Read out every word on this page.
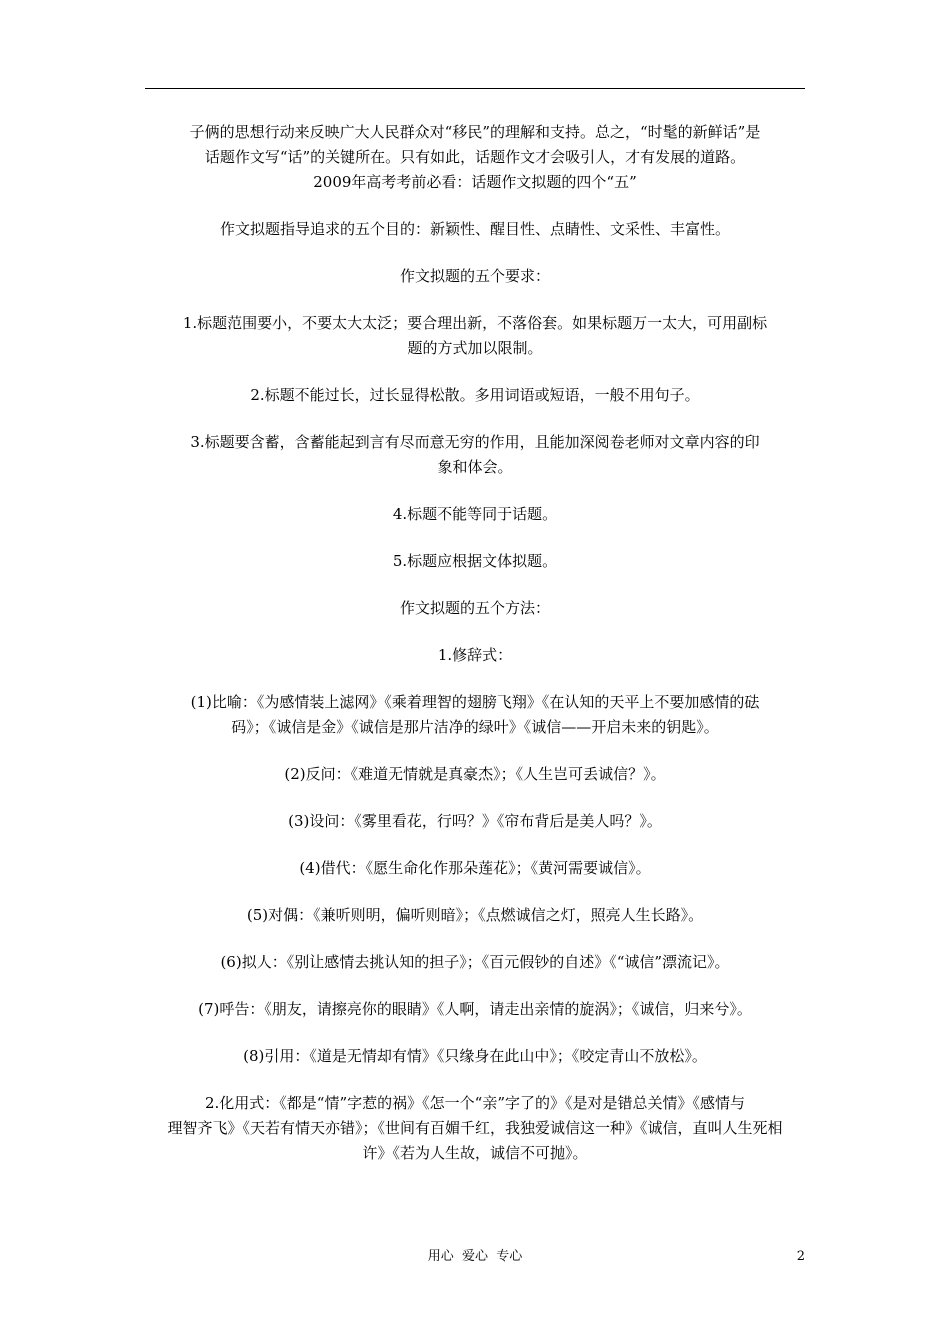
子俩的思想行动来反映广大人民群众对“移民”的理解和支持。总之，“时髦的新鲜话”是
话题作文写“话”的关键所在。只有如此，话题作文才会吸引人，才有发展的道路。
2009年高考考前必看：话题作文拟题的四个“五”
作文拟题指导追求的五个目的：新颖性、醒目性、点睛性、文采性、丰富性。
作文拟题的五个要求：
1.标题范围要小，不要太大太泛；要合理出新，不落俗套。如果标题万一太大，可用副标
题的方式加以限制。
2.标题不能过长，过长显得松散。多用词语或短语，一般不用句子。
3.标题要含蓄，含蓄能起到言有尽而意无穷的作用，且能加深阅卷老师对文章内容的印
象和体会。
4.标题不能等同于话题。
5.标题应根据文体拟题。
作文拟题的五个方法：
1.修辞式：
(1)比喻：《为感情装上滤网》《乘着理智的翅膀飞翔》《在认知的天平上不要加感情的砝
码》；《诚信是金》《诚信是那片洁净的绿叶》《诚信——开启未来的钥匙》。
(2)反问：《难道无情就是真豪杰》；《人生岂可丢诚信？》。
(3)设问：《雾里看花，行吗？》《帘布背后是美人吗？》。
(4)借代：《愿生命化作那朵莲花》；《黄河需要诚信》。
(5)对偶：《兼听则明，偏听则暗》；《点燃诚信之灯，照亮人生长路》。
(6)拟人：《别让感情去挑认知的担子》；《百元假钞的自述》《“诚信”漂流记》。
(7)呼告：《朋友，请擦亮你的眼睛》《人啊，请走出亲情的旋涡》；《诚信，归来兮》。
(8)引用：《道是无情却有情》《只缘身在此山中》；《咬定青山不放松》。
2.化用式：《都是“情”字惹的祸》《怎一个“亲”字了的》《是对是错总关情》《感情与
理智齐飞》《天若有情天亦错》；《世间有百媚千红，我独爱诚信这一种》《诚信，直叫人生死相
许》《若为人生故，诚信不可抛》。
用心  爱心  专心	2
